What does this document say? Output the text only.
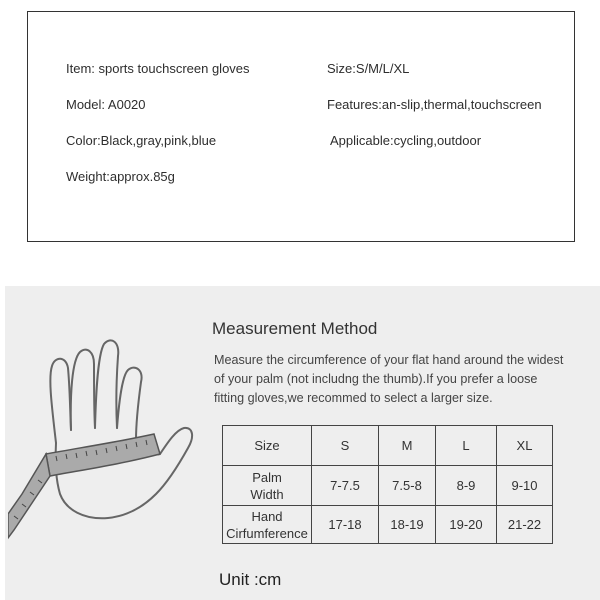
Item: sports touchscreen gloves	Size:S/M/L/XL
Model: A0020	Features:an-slip,thermal,touchscreen
Color:Black,gray,pink,blue	Applicable:cycling,outdoor
Weight:approx.85g
Measurement Method
Measure the circumference of your flat hand around the widest
of your palm (not includng the thumb).If you prefer a loose
fitting gloves,we recommed to select a larger size.
Size	S	M	L	XL

Palm
Width	7-7.5	7.5-8	8-9	9-10

Hand
Cirfumference	17-18	18-19	19-20	21-22
Unit :cm
